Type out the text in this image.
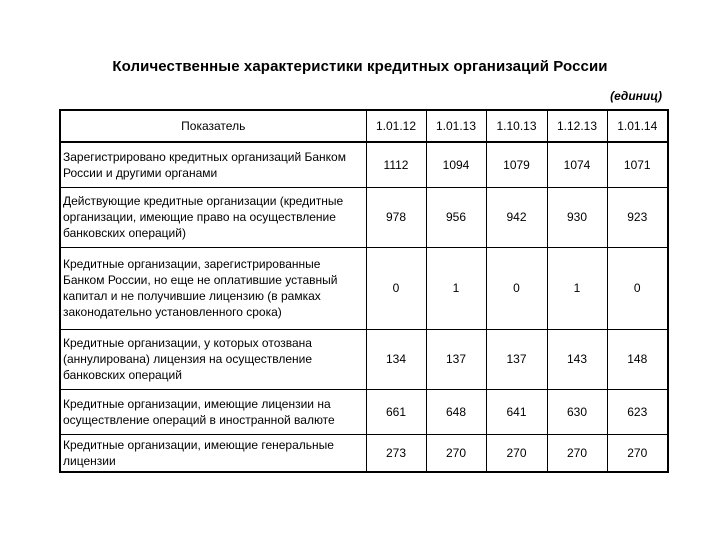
Количественные характеристики кредитных организаций России
(единиц)
Показатель	1.01.12	1.01.13	1.10.13	1.12.13	1.01.14
Зарегистрировано кредитных организаций Банком России и другими органами	1112	1094	1079	1074	1071
Действующие кредитные организации (кредитные организации, имеющие право на осуществление банковских операций)	978	956	942	930	923
Кредитные организации, зарегистрированные Банком России, но еще не оплатившие уставный капитал и не получившие лицензию (в рамках законодательно установленного срока)	0	1	0	1	0
Кредитные организации, у которых отозвана (аннулирована) лицензия на осуществление банковских операций	134	137	137	143	148
Кредитные организации, имеющие лицензии на осуществление операций в иностранной валюте	661	648	641	630	623
Кредитные организации, имеющие генеральные лицензии	273	270	270	270	270
